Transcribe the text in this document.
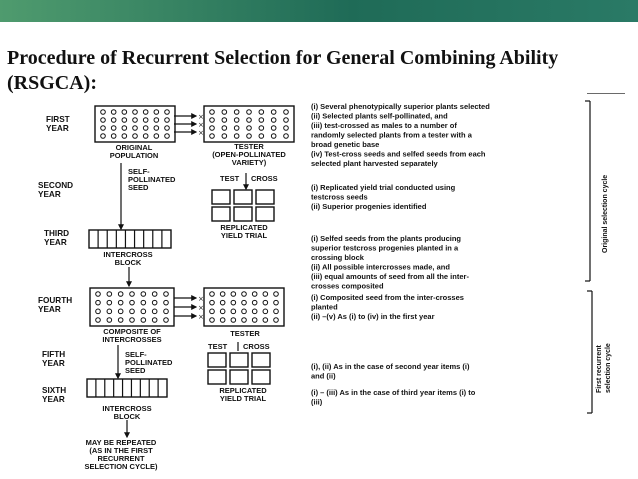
Procedure of Recurrent Selection for General Combining Ability (RSGCA):
FIRST YEAR
SECOND YEAR
THIRD YEAR
FOURTH YEAR
FIFTH YEAR
SIXTH YEAR
ORIGINAL POPULATION
×
×
×
TESTER (OPEN-POLLINATED VARIETY)
TEST CROSS
REPLICATED YIELD TRIAL
SELF-POLLINATED SEED
INTERCROSS BLOCK
COMPOSITE OF INTERCROSSES
×
×
×
TESTER
TEST CROSS
REPLICATED YIELD TRIAL
SELF-POLLINATED SEED
INTERCROSS BLOCK
MAY BE REPEATED (AS IN THE FIRST RECURRENT SELECTION CYCLE)
(i) Several phenotypically superior plants selected (ii) Selected plants self-pollinated, and (iii) test-crossed as males to a number of randomly selected plants from a tester with a broad genetic base (iv) Test-cross seeds and selfed seeds from each selected plant harvested separately
(i) Replicated yield trial conducted using testcross seeds (ii) Superior progenies identified
(i) Selfed seeds from the plants producing superior testcross progenies planted in a crossing block (ii) All possible intercrosses made, and (iii) equal amounts of seed from all the inter-crosses composited
(i) Composited seed from the inter-crosses planted (ii) –(v) As (i) to (iv) in the first year
(i), (ii) As in the case of second year items (i) and (ii)
(i) – (iii) As in the case of third year items (i) to (iii)
Original selection cycle
First recurrent selection cycle
